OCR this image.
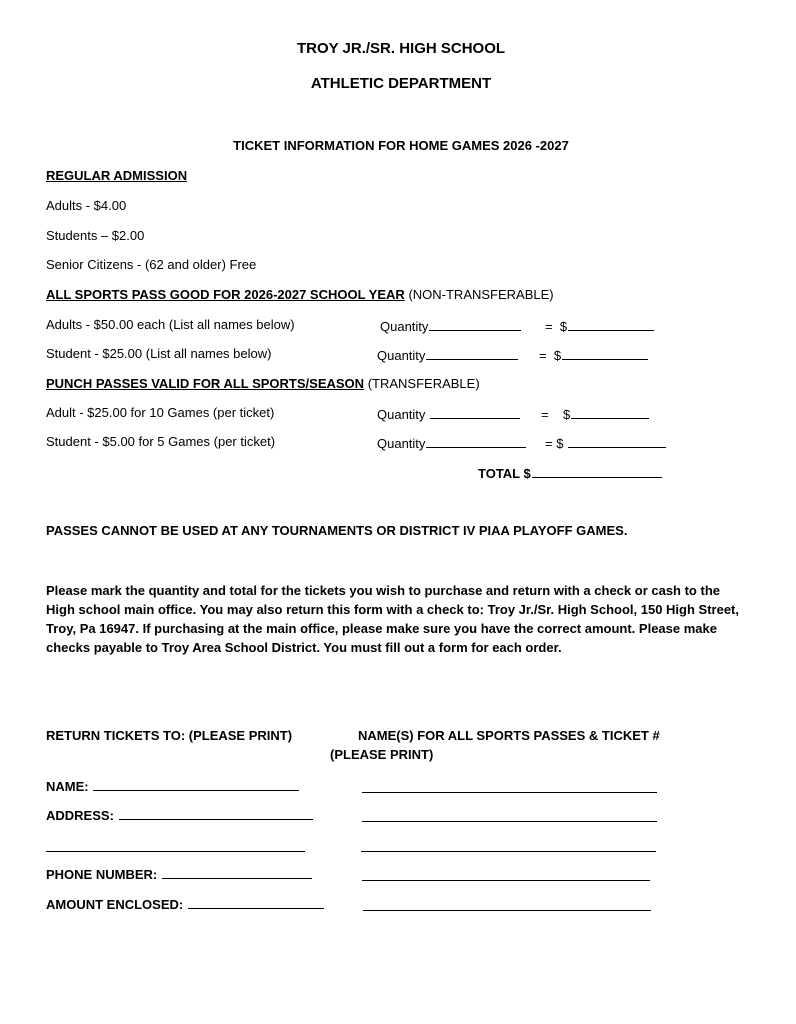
TROY JR./SR. HIGH SCHOOL
ATHLETIC DEPARTMENT
TICKET INFORMATION FOR HOME GAMES 2026 -2027
REGULAR ADMISSION
Adults - $4.00
Students – $2.00
Senior Citizens - (62 and older) Free
ALL SPORTS PASS GOOD FOR 2026-2027 SCHOOL YEAR (NON-TRANSFERABLE)
Adults - $50.00 each (List all names below)	Quantity	= $
Student - $25.00 (List all names below)	Quantity	= $
PUNCH PASSES VALID FOR ALL SPORTS/SEASON (TRANSFERABLE)
Adult - $25.00 for 10 Games (per ticket)	Quantity	= $
Student - $5.00 for 5 Games (per ticket)	Quantity	= $
TOTAL $
PASSES CANNOT BE USED AT ANY TOURNAMENTS OR DISTRICT IV PIAA PLAYOFF GAMES.
Please mark the quantity and total for the tickets you wish to purchase and return with a check or cash to the High school main office. You may also return this form with a check to: Troy Jr./Sr. High School, 150 High Street, Troy, Pa 16947. If purchasing at the main office, please make sure you have the correct amount. Please make checks payable to Troy Area School District. You must fill out a form for each order.
RETURN TICKETS TO: (PLEASE PRINT)	NAME(S) FOR ALL SPORTS PASSES & TICKET #
(PLEASE PRINT)
NAME:
ADDRESS:
PHONE NUMBER:
AMOUNT ENCLOSED:
